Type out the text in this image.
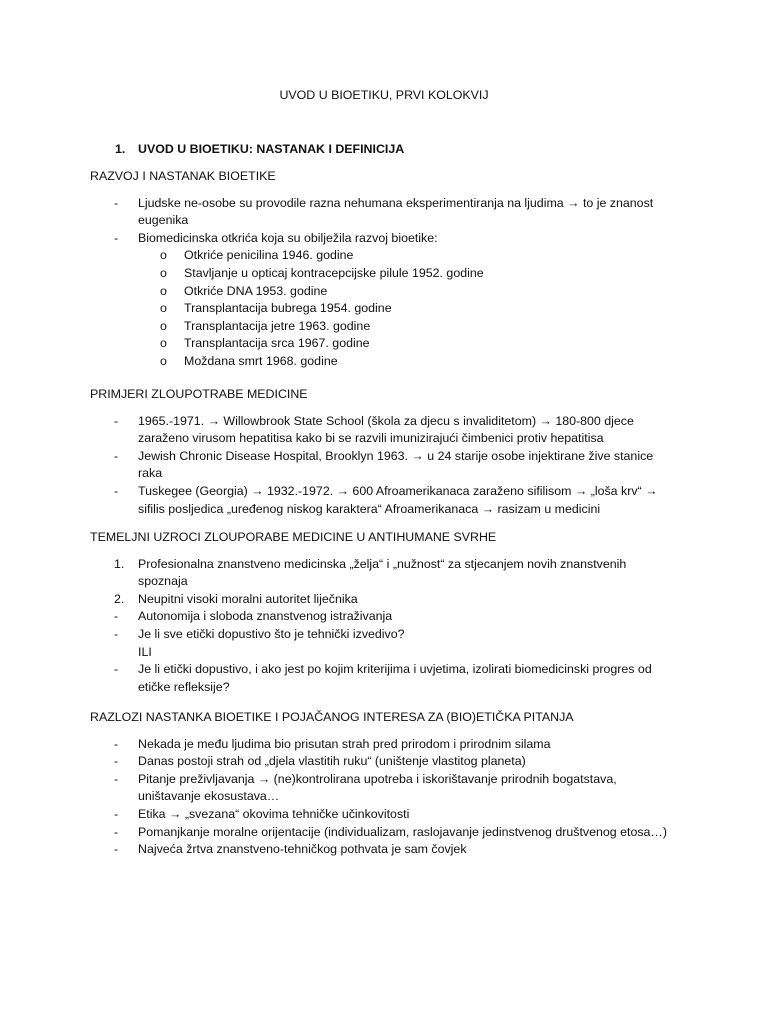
UVOD U BIOETIKU, PRVI KOLOKVIJ
1. UVOD U BIOETIKU: NASTANAK I DEFINICIJA
RAZVOJ I NASTANAK BIOETIKE
- Ljudske ne-osobe su provodile razna nehumana eksperimentiranja na ljudima → to je znanost eugenika
- Biomedicinska otkrića koja su obilježila razvoj bioetike:
o Otkriće penicilina 1946. godine
o Stavljanje u opticaj kontracepcijske pilule 1952. godine
o Otkriće DNA 1953. godine
o Transplantacija bubrega 1954. godine
o Transplantacija jetre 1963. godine
o Transplantacija srca 1967. godine
o Moždana smrt 1968. godine
PRIMJERI ZLOUPOTRABE MEDICINE
- 1965.-1971. → Willowbrook State School (škola za djecu s invaliditetom) → 180-800 djece zaraženo virusom hepatitisa kako bi se razvili imunizirajući čimbenici protiv hepatitisa
- Jewish Chronic Disease Hospital, Brooklyn 1963. → u 24 starije osobe injektirane žive stanice raka
- Tuskegee (Georgia) → 1932.-1972. → 600 Afroamerikanaca zaraženo sifilisom → „loša krv“ → sifilis posljedica „uređenog niskog karaktera“ Afroamerikanaca → rasizam u medicini
TEMELJNI UZROCI ZLOUPORABE MEDICINE U ANTIHUMANE SVRHE
1. Profesionalna znanstveno medicinska „želja“ i „nužnost“ za stjecanjem novih znanstvenih spoznaja
2. Neupitni visoki moralni autoritet liječnika
- Autonomija i sloboda znanstvenog istraživanja
- Je li sve etički dopustivo što je tehnički izvedivo?
ILI
- Je li etički dopustivo, i ako jest po kojim kriterijima i uvjetima, izolirati biomedicinski progres od etičke refleksije?
RAZLOZI NASTANKA BIOETIKE I POJAČANOG INTERESA ZA (BIO)ETIČKA PITANJA
- Nekada je među ljudima bio prisutan strah pred prirodom i prirodnim silama
- Danas postoji strah od „djela vlastitih ruku“ (uništenje vlastitog planeta)
- Pitanje preživljavanja → (ne)kontrolirana upotreba i iskorištavanje prirodnih bogatstava, uništavanje ekosustava…
- Etika → „svezana“ okovima tehničke učinkovitosti
- Pomanjkanje moralne orijentacije (individualizam, raslojavanje jedinstvenog društvenog etosa…)
- Najveća žrtva znanstveno-tehničkog pothvata je sam čovjek
